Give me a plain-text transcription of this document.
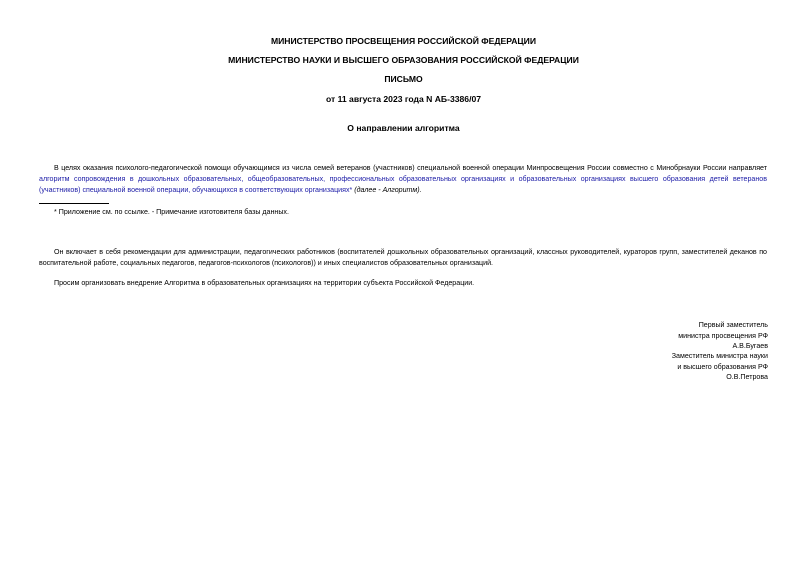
МИНИСТЕРСТВО ПРОСВЕЩЕНИЯ РОССИЙСКОЙ ФЕДЕРАЦИИ
МИНИСТЕРСТВО НАУКИ И ВЫСШЕГО ОБРАЗОВАНИЯ РОССИЙСКОЙ ФЕДЕРАЦИИ
ПИСЬМО
от 11 августа 2023 года N АБ-3386/07
О направлении алгоритма
В целях оказания психолого-педагогической помощи обучающимся из числа семей ветеранов (участников) специальной военной операции Минпросвещения России совместно с Минобрнауки России направляет алгоритм сопровождения в дошкольных образовательных, общеобразовательных, профессиональных образовательных организациях и образовательных организациях высшего образования детей ветеранов (участников) специальной военной операции, обучающихся в соответствующих организациях* (далее - Алгоритм).
* Приложение см. по ссылке. - Примечание изготовителя базы данных.
Он включает в себя рекомендации для администрации, педагогических работников (воспитателей дошкольных образовательных организаций, классных руководителей, кураторов групп, заместителей деканов по воспитательной работе, социальных педагогов, педагогов-психологов (психологов)) и иных специалистов образовательных организаций.
Просим организовать внедрение Алгоритма в образовательных организациях на территории субъекта Российской Федерации.
Первый заместитель
министра просвещения РФ
А.В.Бугаев
Заместитель министра науки
и высшего образования РФ
О.В.Петрова
